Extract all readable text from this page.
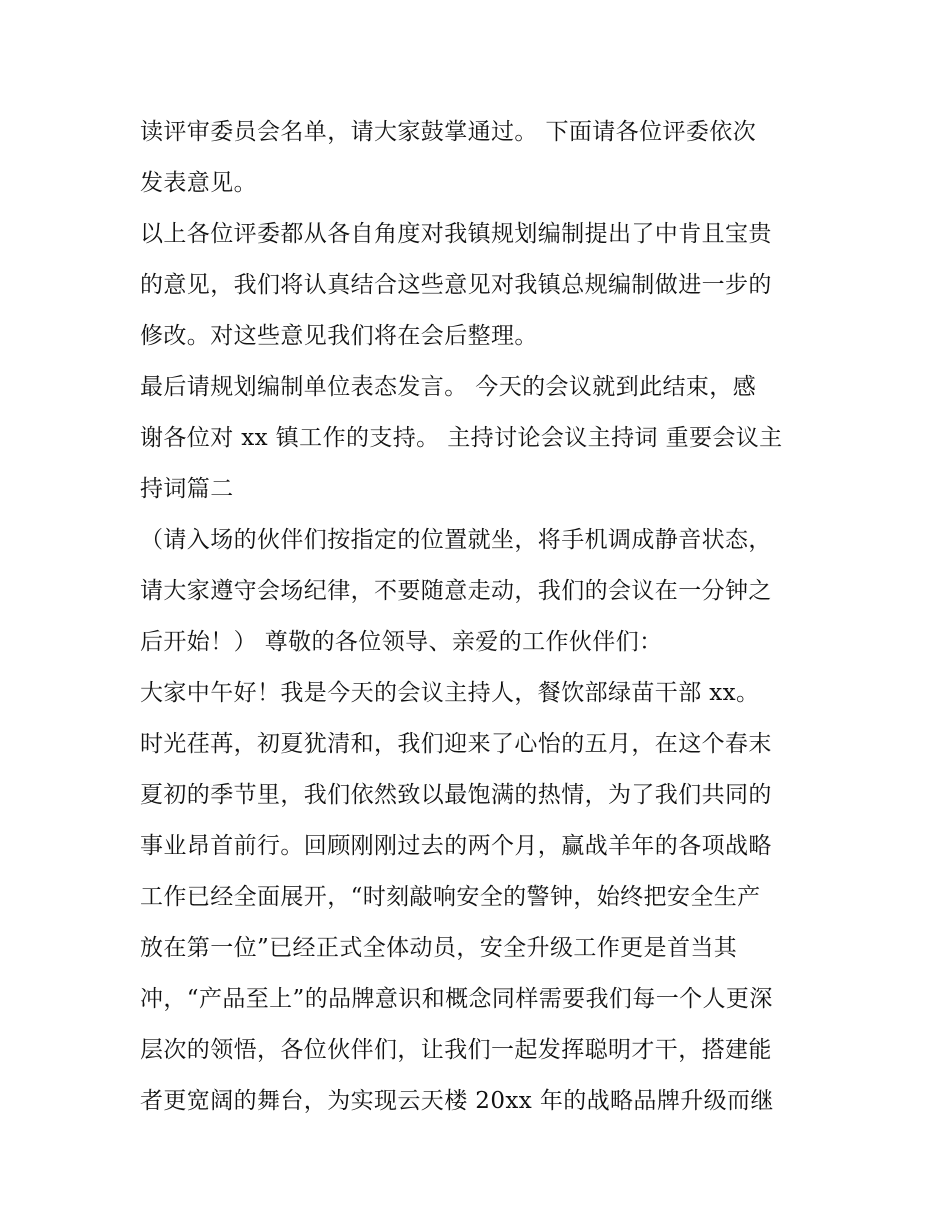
读评审委员会名单，请大家鼓掌通过。 下面请各位评委依次
发表意见。
以上各位评委都从各自角度对我镇规划编制提出了中肯且宝贵
的意见，我们将认真结合这些意见对我镇总规编制做进一步的
修改。对这些意见我们将在会后整理。
最后请规划编制单位表态发言。 今天的会议就到此结束，感
谢各位对 xx 镇工作的支持。 主持讨论会议主持词 重要会议主
持词篇二
（请入场的伙伴们按指定的位置就坐，将手机调成静音状态，
请大家遵守会场纪律，不要随意走动，我们的会议在一分钟之
后开始！） 尊敬的各位领导、亲爱的工作伙伴们：
大家中午好！我是今天的会议主持人，餐饮部绿苗干部 xx。
时光荏苒，初夏犹清和，我们迎来了心怡的五月，在这个春末
夏初的季节里，我们依然致以最饱满的热情，为了我们共同的
事业昂首前行。回顾刚刚过去的两个月，赢战羊年的各项战略
工作已经全面展开，“时刻敲响安全的警钟，始终把安全生产
放在第一位”已经正式全体动员，安全升级工作更是首当其
冲，“产品至上”的品牌意识和概念同样需要我们每一个人更深
层次的领悟，各位伙伴们，让我们一起发挥聪明才干，搭建能
者更宽阔的舞台，为实现云天楼 20xx 年的战略品牌升级而继
